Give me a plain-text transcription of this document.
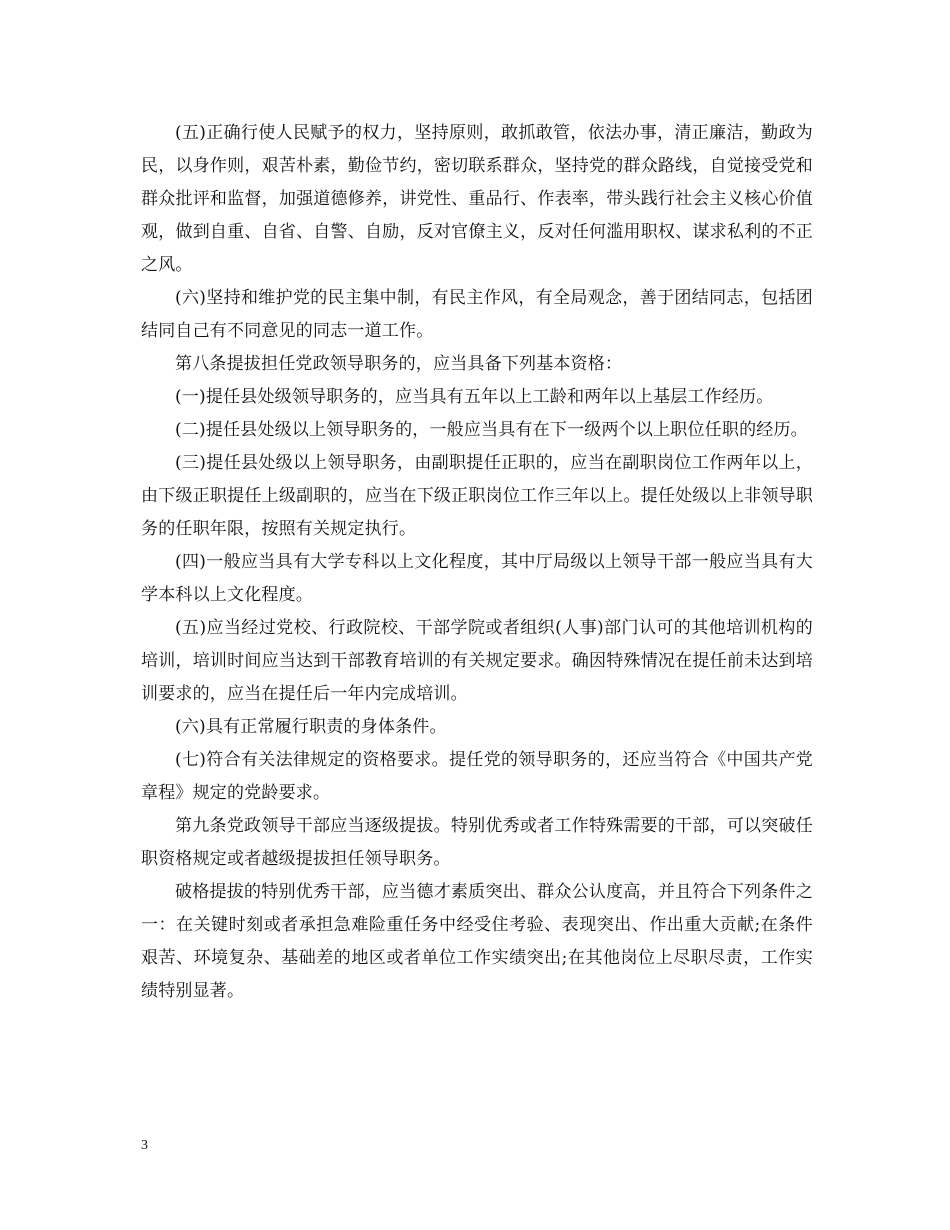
(五)正确行使人民赋予的权力，坚持原则，敢抓敢管，依法办事，清正廉洁，勤政为民，以身作则，艰苦朴素，勤俭节约，密切联系群众，坚持党的群众路线，自觉接受党和群众批评和监督，加强道德修养，讲党性、重品行、作表率，带头践行社会主义核心价值观，做到自重、自省、自警、自励，反对官僚主义，反对任何滥用职权、谋求私利的不正之风。

(六)坚持和维护党的民主集中制，有民主作风，有全局观念，善于团结同志，包括团结同自己有不同意见的同志一道工作。

第八条提拔担任党政领导职务的，应当具备下列基本资格：

(一)提任县处级领导职务的，应当具有五年以上工龄和两年以上基层工作经历。

(二)提任县处级以上领导职务的，一般应当具有在下一级两个以上职位任职的经历。

(三)提任县处级以上领导职务，由副职提任正职的，应当在副职岗位工作两年以上，由下级正职提任上级副职的，应当在下级正职岗位工作三年以上。提任处级以上非领导职务的任职年限，按照有关规定执行。

(四)一般应当具有大学专科以上文化程度，其中厅局级以上领导干部一般应当具有大学本科以上文化程度。

(五)应当经过党校、行政院校、干部学院或者组织(人事)部门认可的其他培训机构的培训，培训时间应当达到干部教育培训的有关规定要求。确因特殊情况在提任前未达到培训要求的，应当在提任后一年内完成培训。

(六)具有正常履行职责的身体条件。

(七)符合有关法律规定的资格要求。提任党的领导职务的，还应当符合《中国共产党章程》规定的党龄要求。

第九条党政领导干部应当逐级提拔。特别优秀或者工作特殊需要的干部，可以突破任职资格规定或者越级提拔担任领导职务。

破格提拔的特别优秀干部，应当德才素质突出、群众公认度高，并且符合下列条件之一：在关键时刻或者承担急难险重任务中经受住考验、表现突出、作出重大贡献;在条件艰苦、环境复杂、基础差的地区或者单位工作实绩突出;在其他岗位上尽职尽责，工作实绩特别显著。

3
